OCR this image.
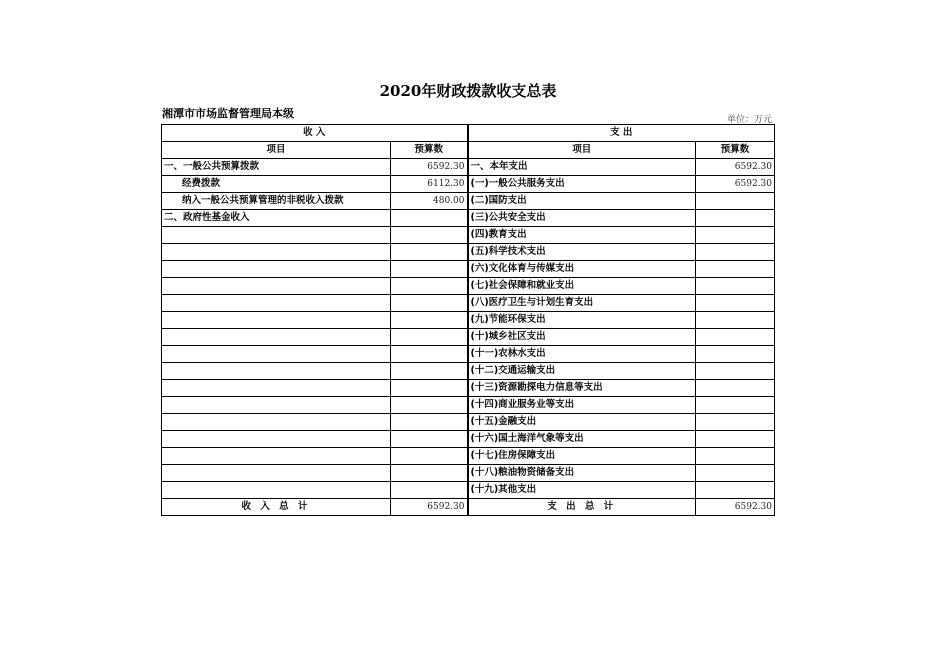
2020年财政拨款收支总表
湘潭市市场监督管理局本级	单位：万元
收 入		支 出	
项目	预算数	项目	预算数
一、一般公共预算拨款	6592.30	一、本年支出	6592.30
经费拨款	6112.30	(一)一般公共服务支出	6592.30
纳入一般公共预算管理的非税收入拨款	480.00	(二)国防支出	
二、政府性基金收入		(三)公共安全支出	
		(四)教育支出	
		(五)科学技术支出	
		(六)文化体育与传媒支出	
		(七)社会保障和就业支出	
		(八)医疗卫生与计划生育支出	
		(九)节能环保支出	
		(十)城乡社区支出	
		(十一)农林水支出	
		(十二)交通运输支出	
		(十三)资源勘探电力信息等支出	
		(十四)商业服务业等支出	
		(十五)金融支出	
		(十六)国土海洋气象等支出	
		(十七)住房保障支出	
		(十八)粮油物资储备支出	
		(十九)其他支出	
收 入 总 计	6592.30	支 出 总 计	6592.30
